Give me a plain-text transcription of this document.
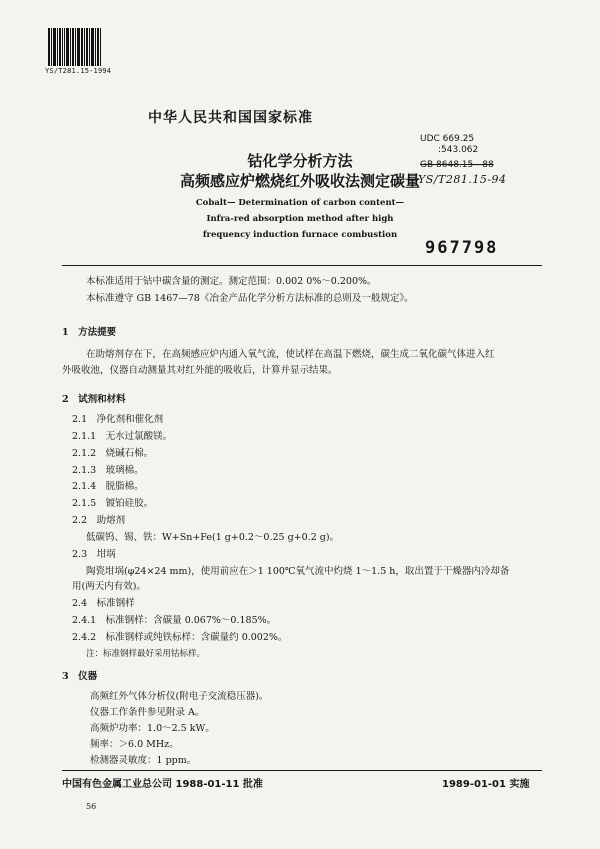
YS/T281.15-1994
中华人民共和国国家标准
UDC 669.25
:543.062
GB 8648.15—88
YS/T281.15-94
钴化学分析方法
高频感应炉燃烧红外吸收法测定碳量
Cobalt— Determination of carbon content—
Infra-red absorption method after high
frequency induction furnace combustion
967798
本标准适用于钴中碳含量的测定。测定范围：0.002 0%～0.200%。
本标准遵守 GB 1467—78《冶金产品化学分析方法标准的总则及一般规定》。
1　方法提要
在助熔剂存在下，在高频感应炉内通入氧气流，使试样在高温下燃烧，碳生成二氧化碳气体进入红
外吸收池，仪器自动测量其对红外能的吸收后，计算并显示结果。
2　试剂和材料
2.1　净化剂和催化剂
2.1.1　无水过氯酸镁。
2.1.2　烧碱石棉。
2.1.3　玻璃棉。
2.1.4　脱脂棉。
2.1.5　镀铂硅胶。
2.2　助熔剂
低碳钨、锡、铁：W+Sn+Fe(1 g+0.2～0.25 g+0.2 g)。
2.3　坩埚
陶瓷坩埚(φ24×24 mm)，使用前应在＞1 100℃氧气流中灼烧 1～1.5 h，取出置于干燥器内冷却备
用(两天内有效)。
2.4　标准钢样
2.4.1　标准钢样：含碳量 0.067%～0.185%。
2.4.2　标准钢样或纯铁标样：含碳量约 0.002%。
注：标准钢样最好采用钴标样。
3　仪器
高频红外气体分析仪(附电子交流稳压器)。
仪器工作条件参见附录 A。
高频炉功率：1.0～2.5 kW。
频率：＞6.0 MHz。
检测器灵敏度：1 ppm。
中国有色金属工业总公司 1988-01-11 批准	1989-01-01 实施
56
